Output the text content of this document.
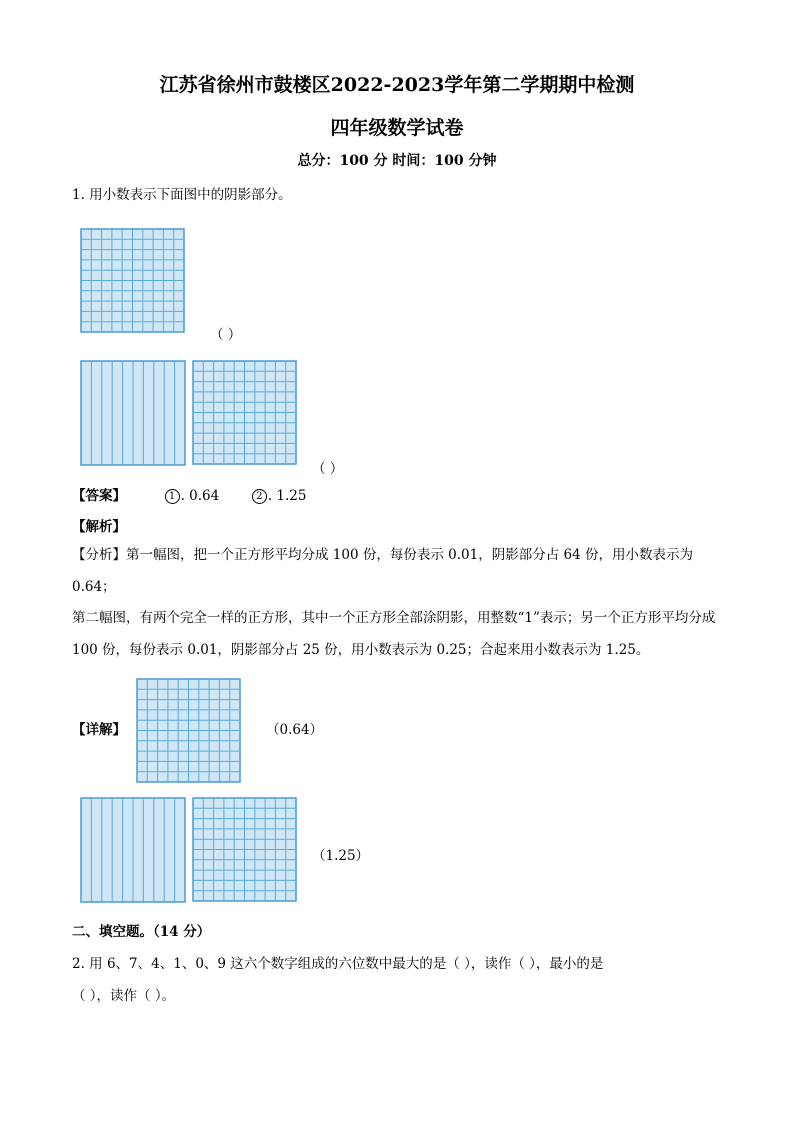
江苏省徐州市鼓楼区2022-2023学年第二学期期中检测
四年级数学试卷
总分：100 分 时间：100 分钟
1. 用小数表示下面图中的阴影部分。
（ ）
（ ）
【答案】	1 . 0.64	2 . 1.25
【解析】
【分析】第一幅图，把一个正方形平均分成 100 份，每份表示 0.01，阴影部分占 64 份，用小数表示为 0.64；
第二幅图，有两个完全一样的正方形，其中一个正方形全部涂阴影，用整数“1”表示；另一个正方形平均分成 100 份，每份表示 0.01，阴影部分占 25 份，用小数表示为 0.25；合起来用小数表示为 1.25。
【详解】	（0.64）
（1.25）
二、填空题。（14 分）
2. 用 6、7、4、1、0、9 这六个数字组成的六位数中最大的是（ ），读作（ ），最小的是
（ ），读作（ ）。
